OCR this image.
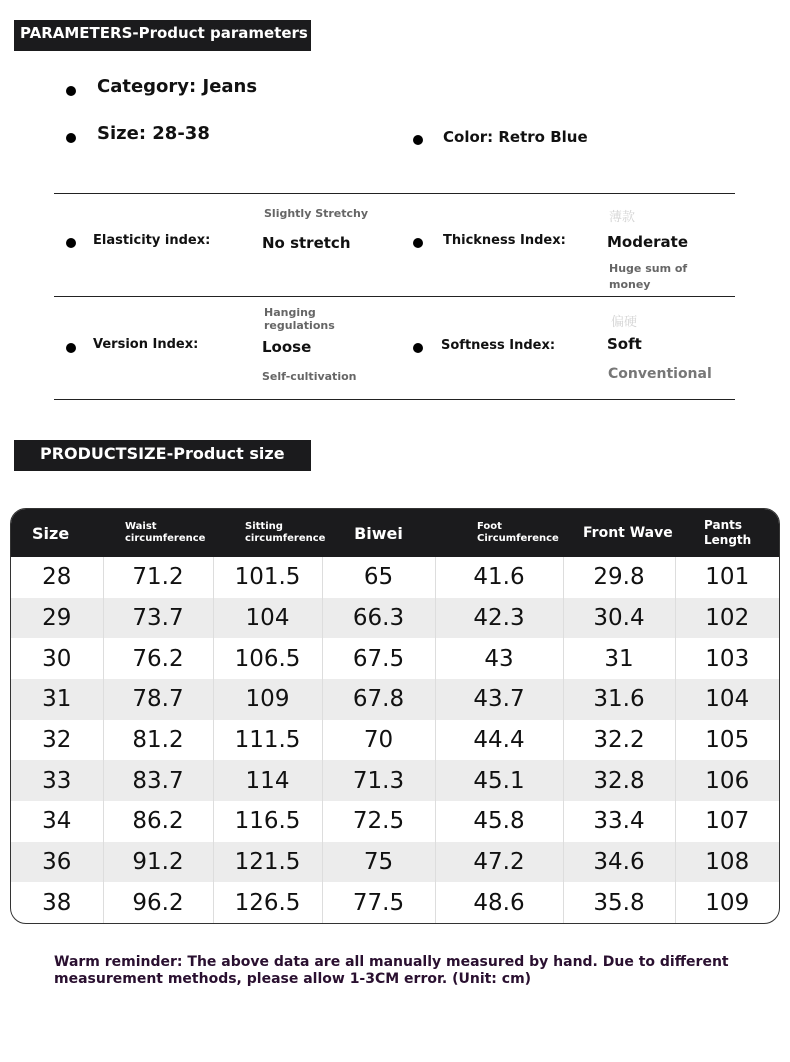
PARAMETERS-Product parameters
Category: Jeans
Size: 28-38	Color: Retro Blue
Elasticity index:
Slightly Stretchy
No stretch	Thickness Index:
薄款
Moderate
Huge sum of money
Version Index:
Hanging regulations
Loose
Self-cultivation
Softness Index:
偏硬
Soft
Conventional
PRODUCTSIZE-Product size
Size	Waist circumference	Sitting circumference	Biwei	Foot Circumference	Front Wave	Pants Length
28	71.2	101.5	65	41.6	29.8	101
29	73.7	104	66.3	42.3	30.4	102
30	76.2	106.5	67.5	43	31	103
31	78.7	109	67.8	43.7	31.6	104
32	81.2	111.5	70	44.4	32.2	105
33	83.7	114	71.3	45.1	32.8	106
34	86.2	116.5	72.5	45.8	33.4	107
36	91.2	121.5	75	47.2	34.6	108
38	96.2	126.5	77.5	48.6	35.8	109
Warm reminder: The above data are all manually measured by hand. Due to different measurement methods, please allow 1-3CM error. (Unit: cm)
